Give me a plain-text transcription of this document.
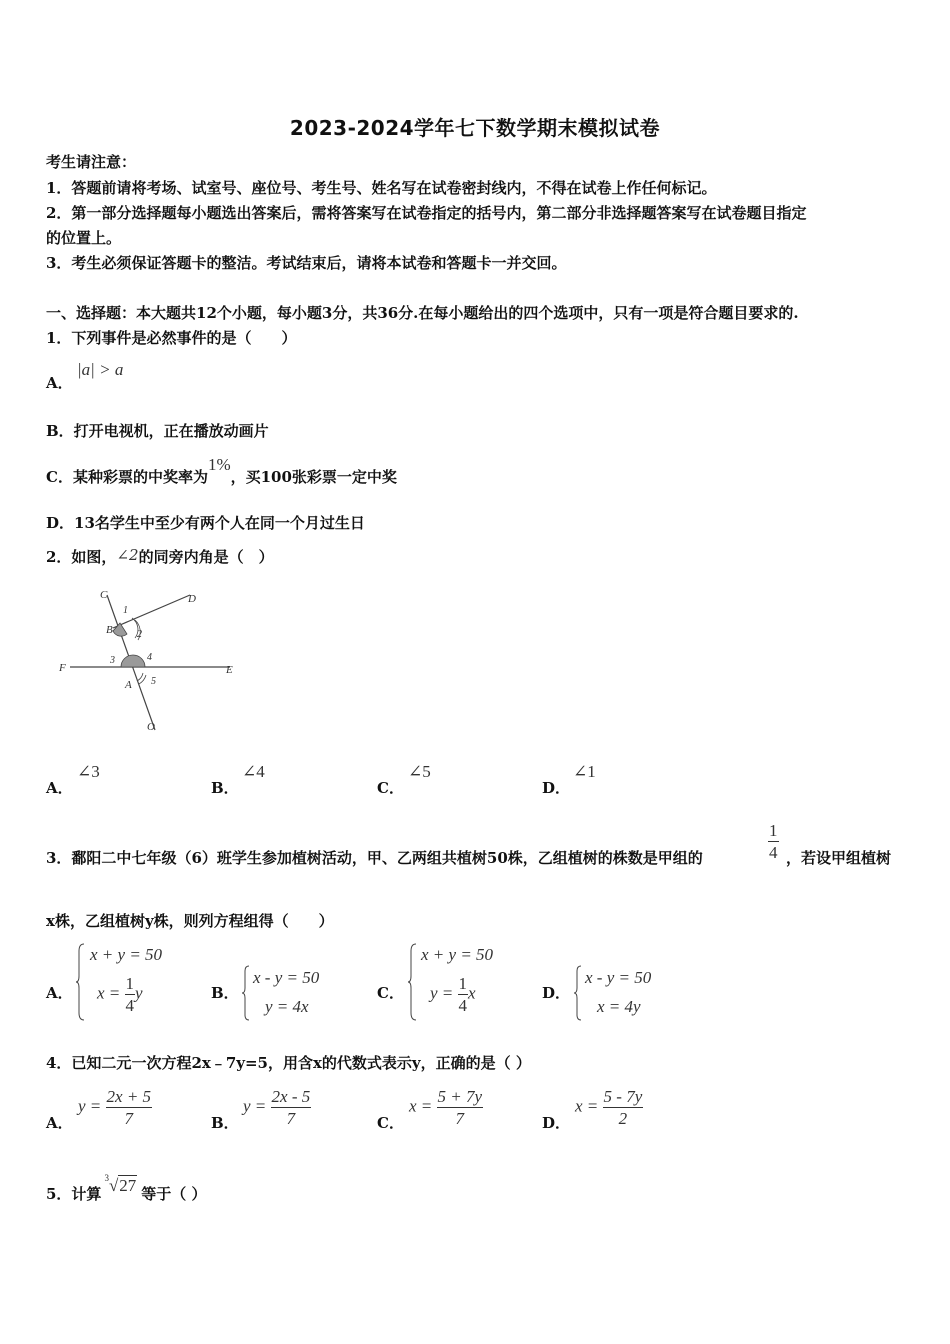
2023-2024学年七下数学期末模拟试卷
考生请注意：
1．答题前请将考场、试室号、座位号、考生号、姓名写在试卷密封线内，不得在试卷上作任何标记。
2．第一部分选择题每小题选出答案后，需将答案写在试卷指定的括号内，第二部分非选择题答案写在试卷题目指定
的位置上。
3．考生必须保证答题卡的整洁。考试结束后，请将本试卷和答题卡一并交回。
一、选择题：本大题共12个小题，每小题3分，共36分.在每小题给出的四个选项中，只有一项是符合题目要求的.
1．下列事件是必然事件的是（　　）
A．
|a| > a
B．打开电视机，正在播放动画片
C．某种彩票的中奖率为1%，买100张彩票一定中奖
D．13名学生中至少有两个人在同一个月过生日
2．如图，∠2的同旁内角是（　）
C	D
B
1
2
F	E
3	4
A 5
O
A．
∠3
B．
∠4
C．
∠5
D．
∠1
3．鄱阳二中七年级（6）班学生参加植树活动，甲、乙两组共植树50株，乙组植树的株数是甲组的	$\frac{1}{4}$ ，若设甲组植树
x株，乙组植树y株，则列方程组得（　　）
A．
x + y = 50
$x = \frac{1}{4}$ y	B．
x - y = 50
y = 4x
C．
x + y = 50
$y = \frac{1}{4}$ x	D．
x - y = 50
x = 4y
4．已知二元一次方程2x﹣7y=5，用含x的代数式表示y，正确的是（ ）
A．
$y = \frac{2x + 5}{7}$	B．
$y = \frac{2x - 5}{7}$	C．
$x = \frac{5 + 7y}{7}$	D．
$x = \frac{5 - 7y}{2}$
5．计算$^3$√27 等于（ ）
